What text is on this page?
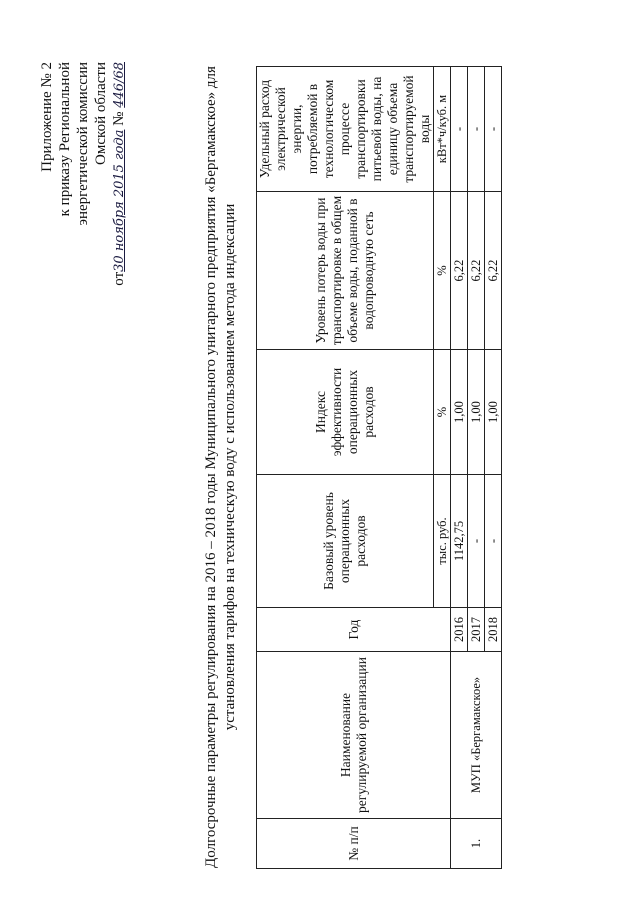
Приложение № 2 к приказу Региональной энергетической комиссии Омской области
от30 ноября 2015 года № 446/68	Долгосрочные параметры регулирования на 2016 – 2018 годы Муниципального унитарного предприятия «Бергамакское» для установления тарифов на техническую воду с использованием метода индексации
№ п/п	Наименование регулируемой организации	Год	Базовый уровень операционных расходов	Индекс эффективности операционных расходов	Уровень потерь воды при транспортировке в общем объеме воды, поданной в водопроводную сеть	Удельный расход электрической энергии, потребляемой в технологическом процессе транспортировки питьевой воды, на единицу объема транспортируемой воды
			тыс. руб.	%	%	кВт*ч/куб. м
1.	МУП «Бергамакское»	2016	1142,75	1,00	6,22	-
		2017	-	1,00	6,22	-
		2018	-	1,00	6,22	-
